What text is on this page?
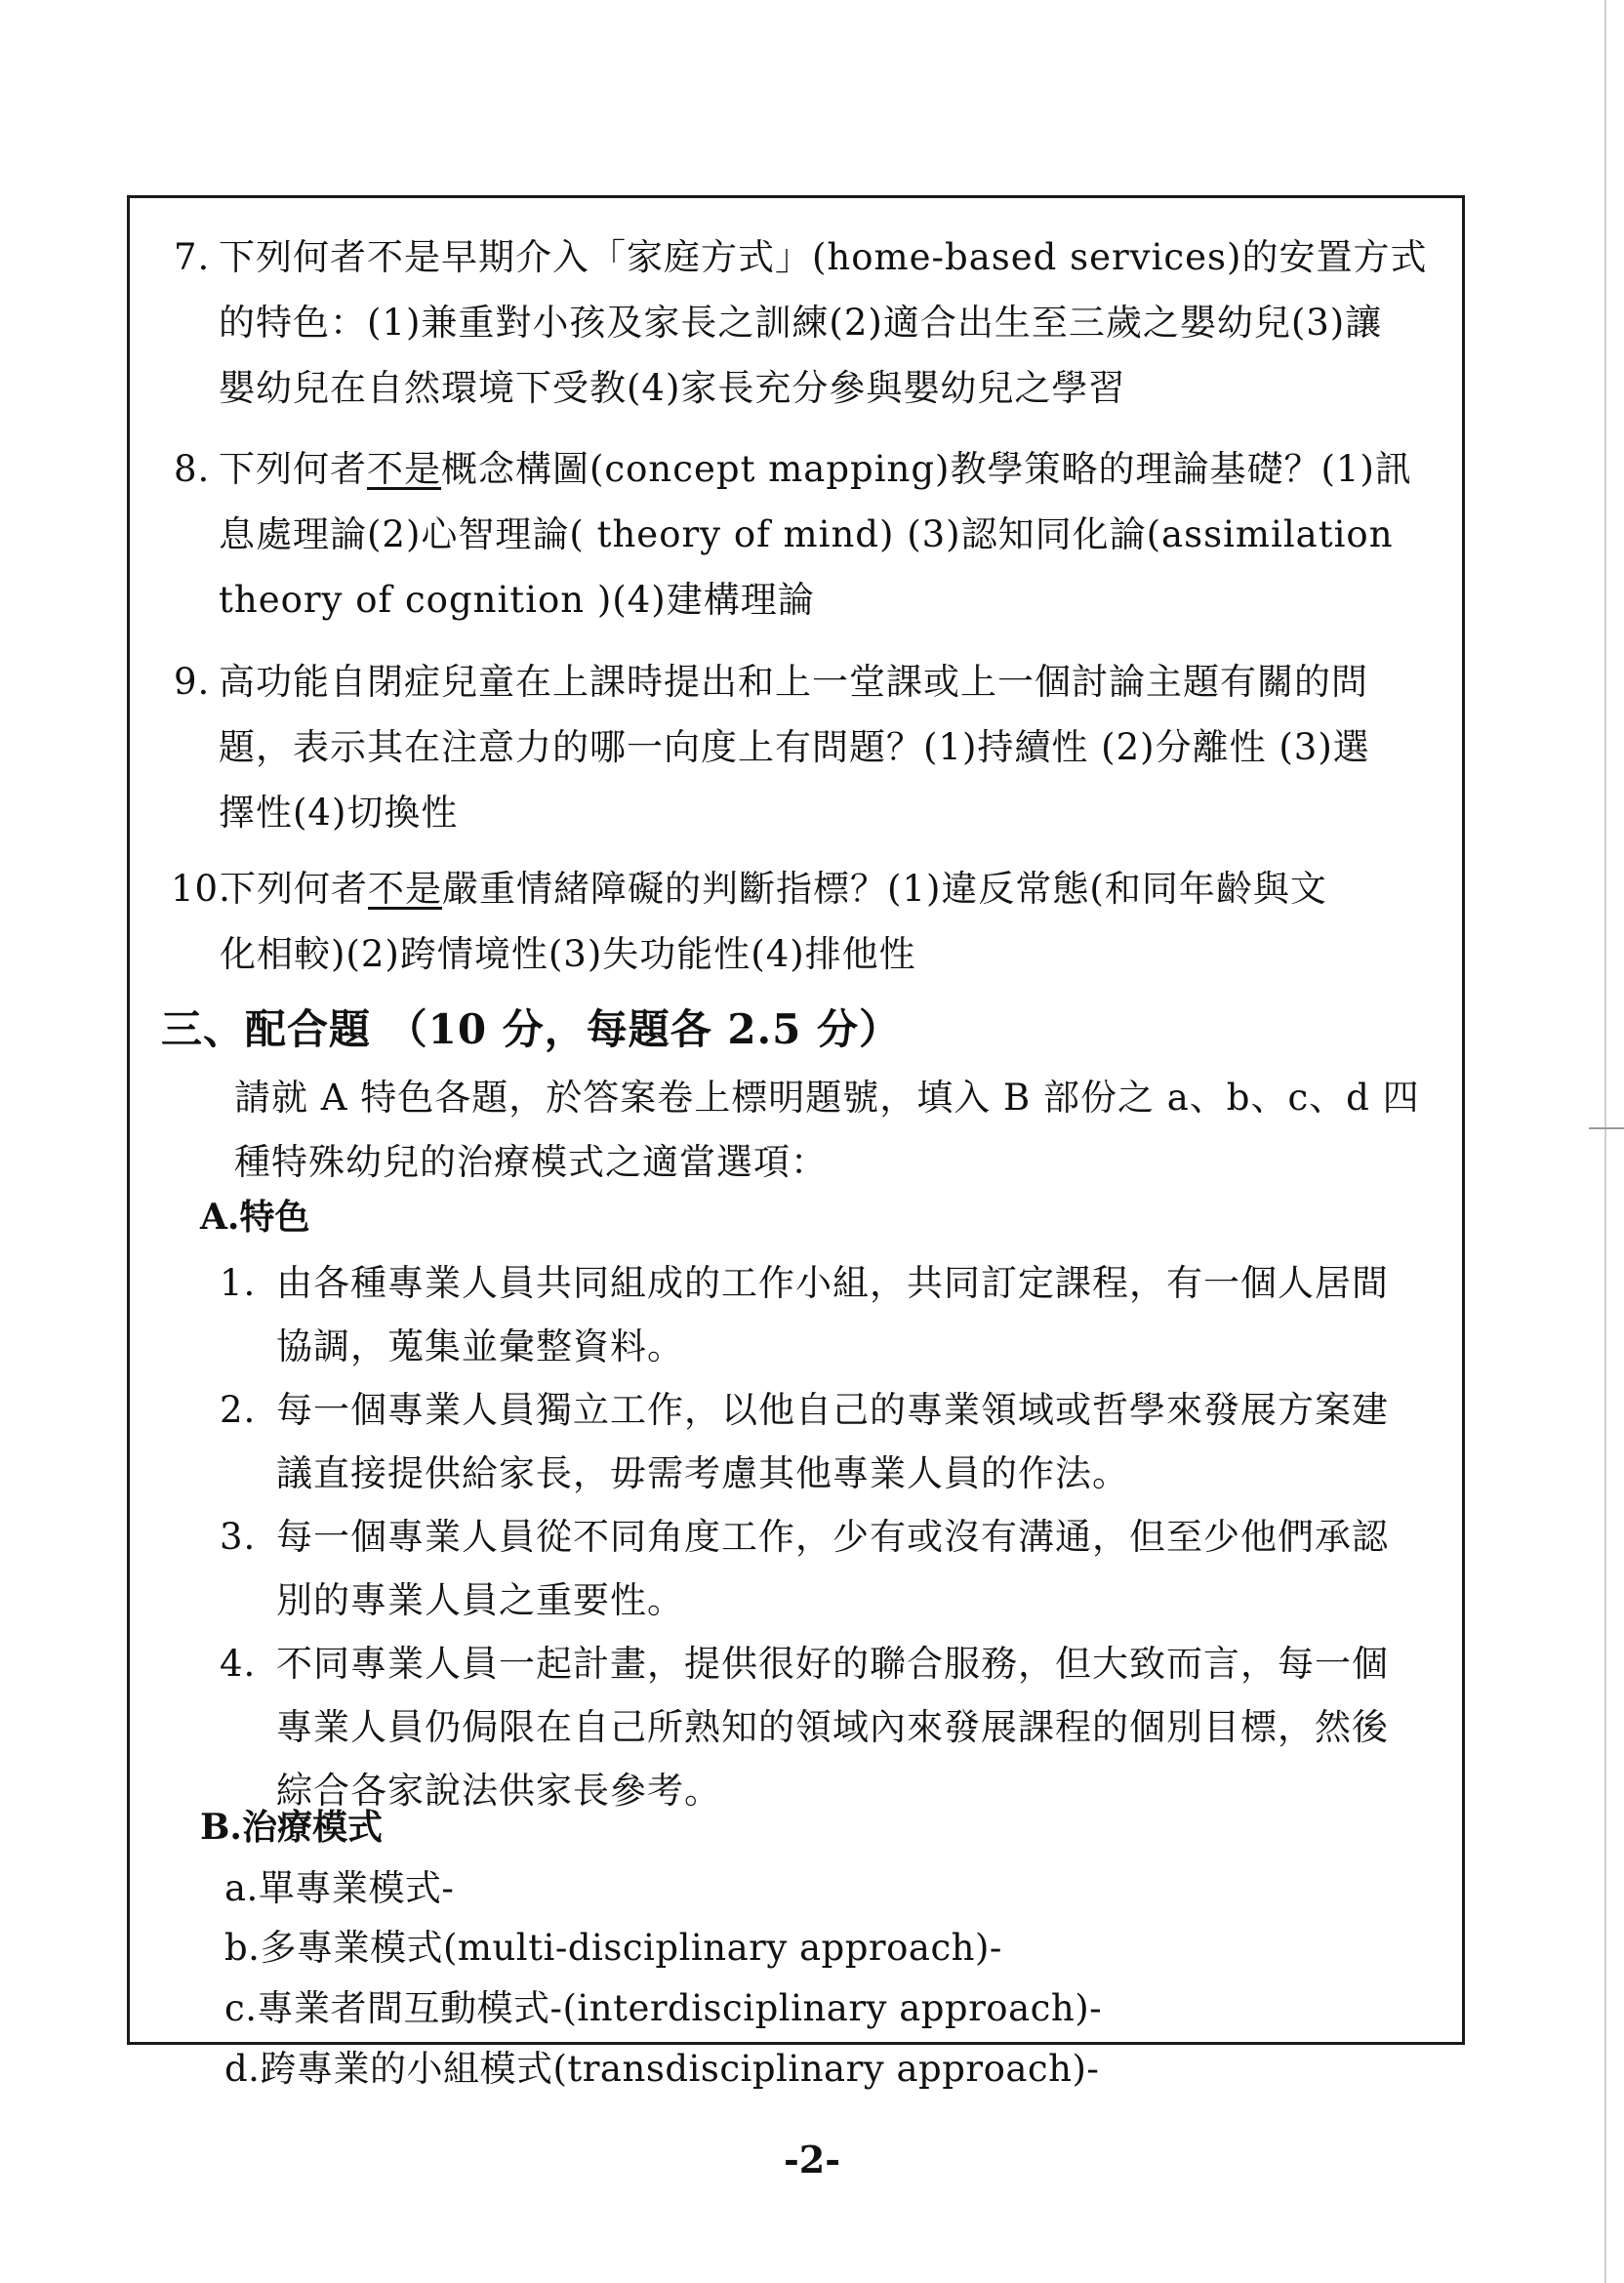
7. 下列何者不是早期介入「家庭方式」(home-based services)的安置方式
的特色：(1)兼重對小孩及家長之訓練(2)適合出生至三歲之嬰幼兒(3)讓
嬰幼兒在自然環境下受教(4)家長充分參與嬰幼兒之學習
8. 下列何者不是概念構圖(concept mapping)教學策略的理論基礎？(1)訊
息處理論(2)心智理論( theory of mind) (3)認知同化論(assimilation
theory of cognition )(4)建構理論
9. 高功能自閉症兒童在上課時提出和上一堂課或上一個討論主題有關的問
題，表示其在注意力的哪一向度上有問題？(1)持續性 (2)分離性 (3)選
擇性(4)切換性
10.
下列何者不是嚴重情緒障礙的判斷指標？(1)違反常態(和同年齡與文
化相較)(2)跨情境性(3)失功能性(4)排他性
三、配合題 （10 分，每題各 2.5 分）
請就 A 特色各題，於答案卷上標明題號，填入 B 部份之 a、b、c、d 四
種特殊幼兒的治療模式之適當選項：
A.特色
1. 由各種專業人員共同組成的工作小組，共同訂定課程，有一個人居間
協調，蒐集並彙整資料。
2. 每一個專業人員獨立工作，以他自己的專業領域或哲學來發展方案建
議直接提供給家長，毋需考慮其他專業人員的作法。
3. 每一個專業人員從不同角度工作，少有或沒有溝通，但至少他們承認
別的專業人員之重要性。
4. 不同專業人員一起計畫，提供很好的聯合服務，但大致而言，每一個
專業人員仍侷限在自己所熟知的領域內來發展課程的個別目標，然後
綜合各家說法供家長參考。
B.治療模式
a.單專業模式-
b.多專業模式(multi-disciplinary approach)-
c.專業者間互動模式-(interdisciplinary approach)-
d.跨專業的小組模式(transdisciplinary approach)-
-2-
